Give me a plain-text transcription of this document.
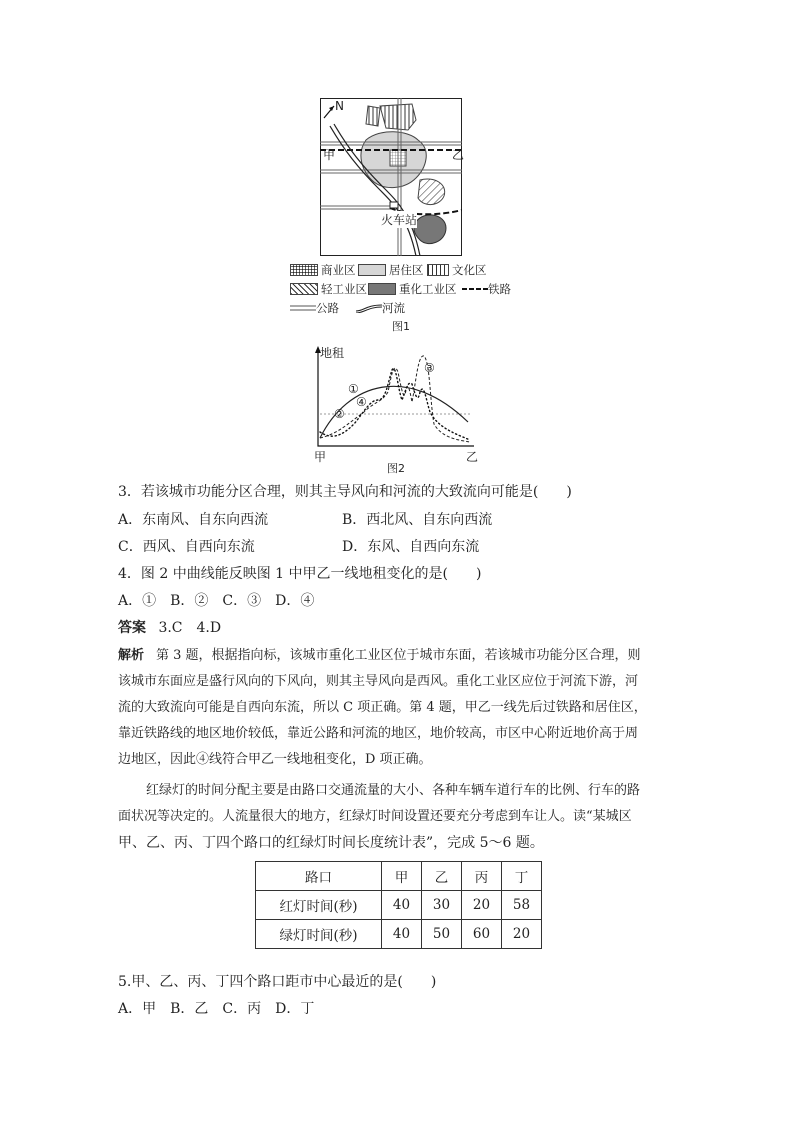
N
甲	乙
火车站
商业区	居住区 文化区
轻工业区	重化工业区	铁路
公路	河流
图1
地租
①
②
③
④
甲	乙
图2
3．若该城市功能分区合理，则其主导风向和河流的大致流向可能是(　　)
A．东南风、自东向西流	B．西北风、自东向西流
C．西风、自西向东流	D．东风、自西向东流
4．图 2 中曲线能反映图 1 中甲乙一线地租变化的是(　　)
A．①　B．②　C．③　D．④
答案 3.C　4.D
解析 第 3 题，根据指向标，该城市重化工业区位于城市东面，若该城市功能分区合理，则
该城市东面应是盛行风向的下风向，则其主导风向是西风。重化工业区应位于河流下游，河
流的大致流向可能是自西向东流，所以 C 项正确。第 4 题，甲乙一线先后过铁路和居住区，
靠近铁路线的地区地价较低，靠近公路和河流的地区，地价较高，市区中心附近地价高于周
边地区，因此④线符合甲乙一线地租变化，D 项正确。
红绿灯的时间分配主要是由路口交通流量的大小、各种车辆车道行车的比例、行车的路
面状况等决定的。人流量很大的地方，红绿灯时间设置还要充分考虑到车让人。读“某城区
甲、乙、丙、丁四个路口的红绿灯时间长度统计表”，完成 5～6 题。
路口	甲	乙	丙	丁
红灯时间(秒)	40	30	20	58
绿灯时间(秒)	40	50	60	20
5.甲、乙、丙、丁四个路口距市中心最近的是(　　)
A．甲　B．乙　C．丙　D．丁
